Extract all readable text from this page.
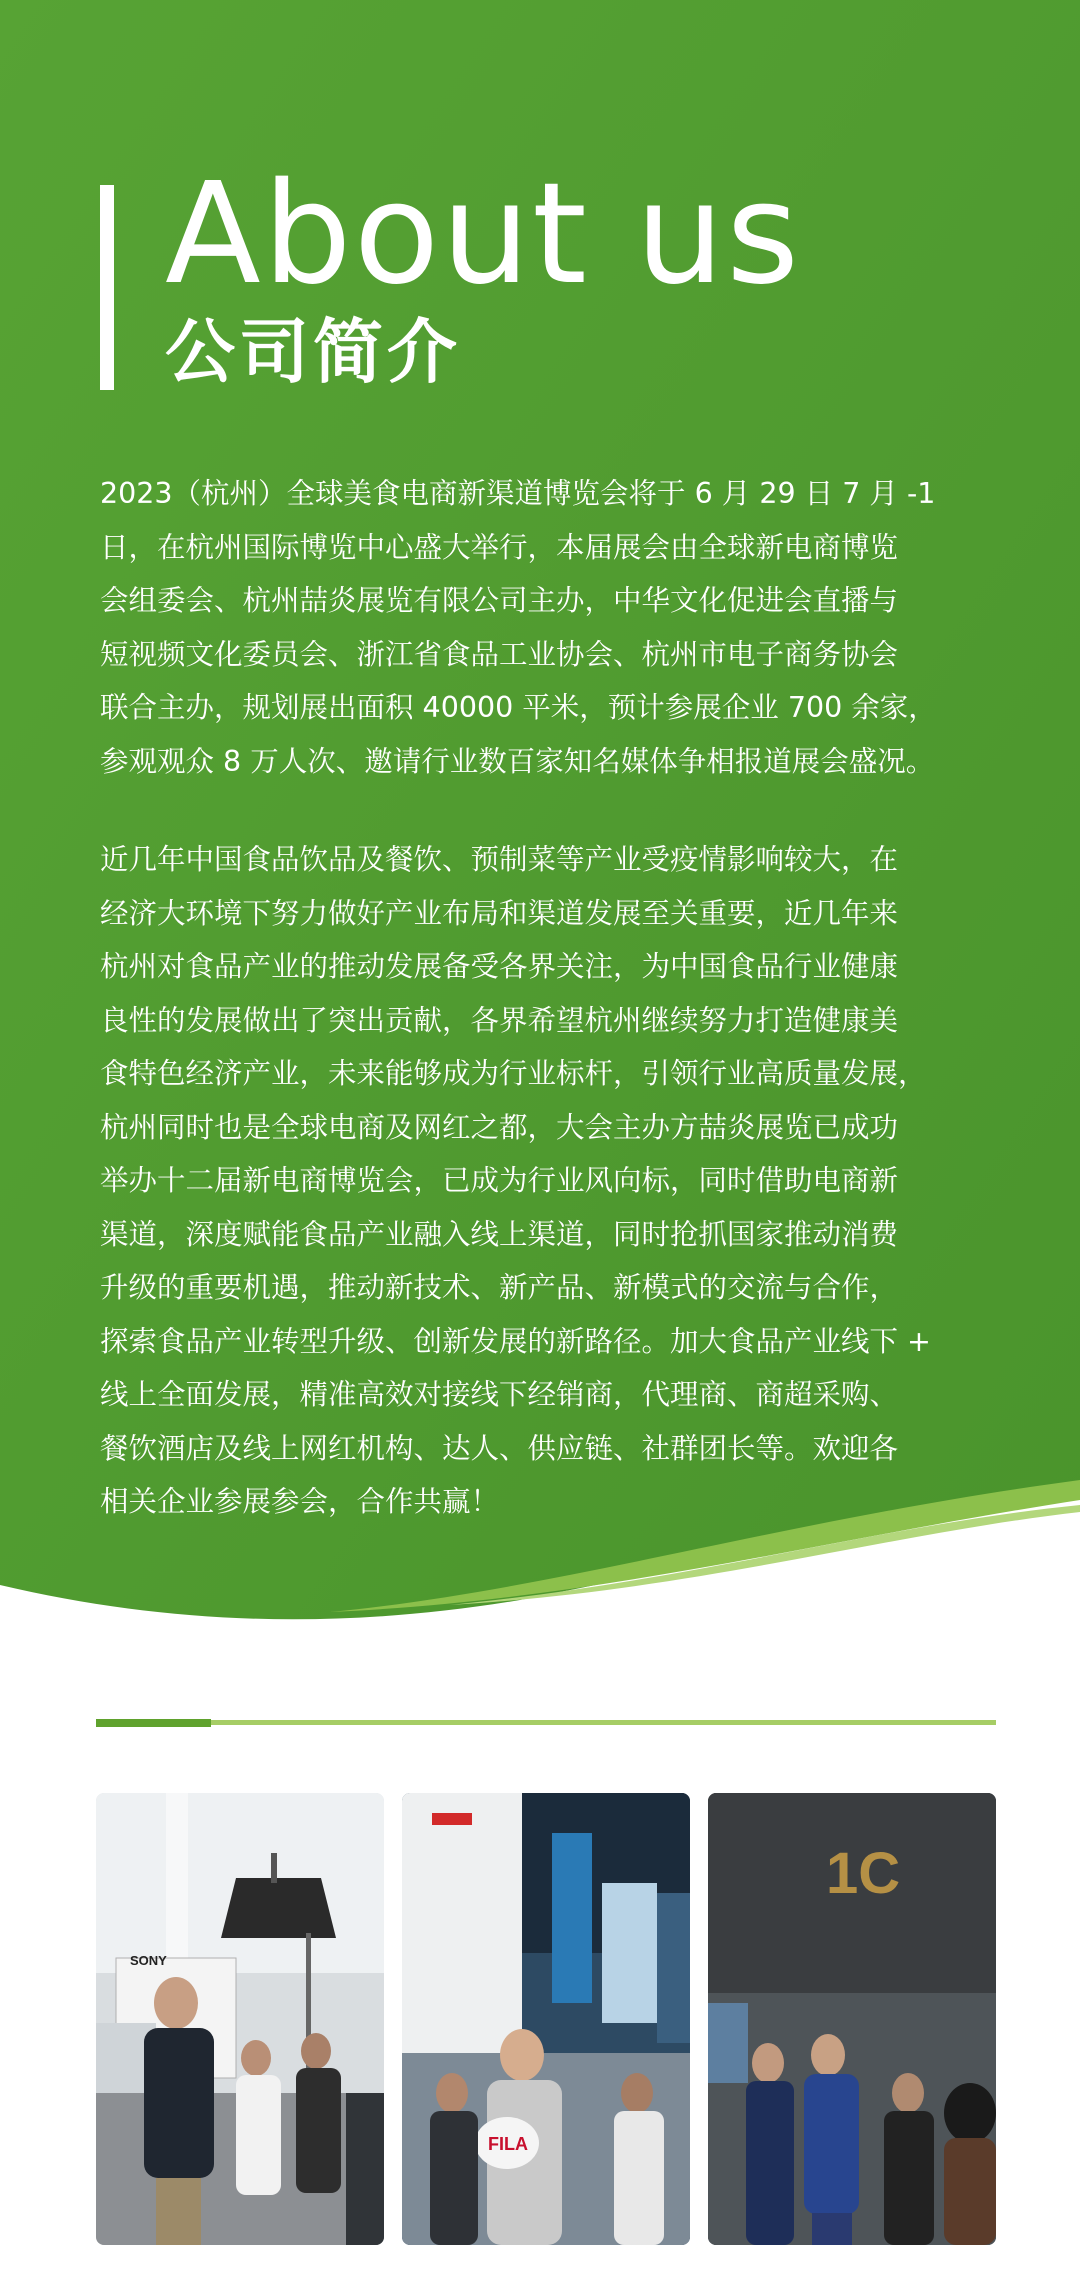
About us
公司简介
2023（杭州）全球美食电商新渠道博览会将于 6 月 29 日 7 月 -1
日，在杭州国际博览中心盛大举行，本届展会由全球新电商博览
会组委会、杭州喆炎展览有限公司主办，中华文化促进会直播与
短视频文化委员会、浙江省食品工业协会、杭州市电子商务协会
联合主办，规划展出面积 40000 平米，预计参展企业 700 余家，
参观观众 8 万人次、邀请行业数百家知名媒体争相报道展会盛况。
近几年中国食品饮品及餐饮、预制菜等产业受疫情影响较大，在
经济大环境下努力做好产业布局和渠道发展至关重要，近几年来
杭州对食品产业的推动发展备受各界关注，为中国食品行业健康
良性的发展做出了突出贡献，各界希望杭州继续努力打造健康美
食特色经济产业，未来能够成为行业标杆，引领行业高质量发展，
杭州同时也是全球电商及网红之都，大会主办方喆炎展览已成功
举办十二届新电商博览会，已成为行业风向标，同时借助电商新
渠道，深度赋能食品产业融入线上渠道，同时抢抓国家推动消费
升级的重要机遇，推动新技术、新产品、新模式的交流与合作，
探索食品产业转型升级、创新发展的新路径。加大食品产业线下 +
线上全面发展，精准高效对接线下经销商，代理商、商超采购、
餐饮酒店及线上网红机构、达人、供应链、社群团长等。欢迎各
相关企业参展参会，合作共赢！
SONY
FILA
1C
